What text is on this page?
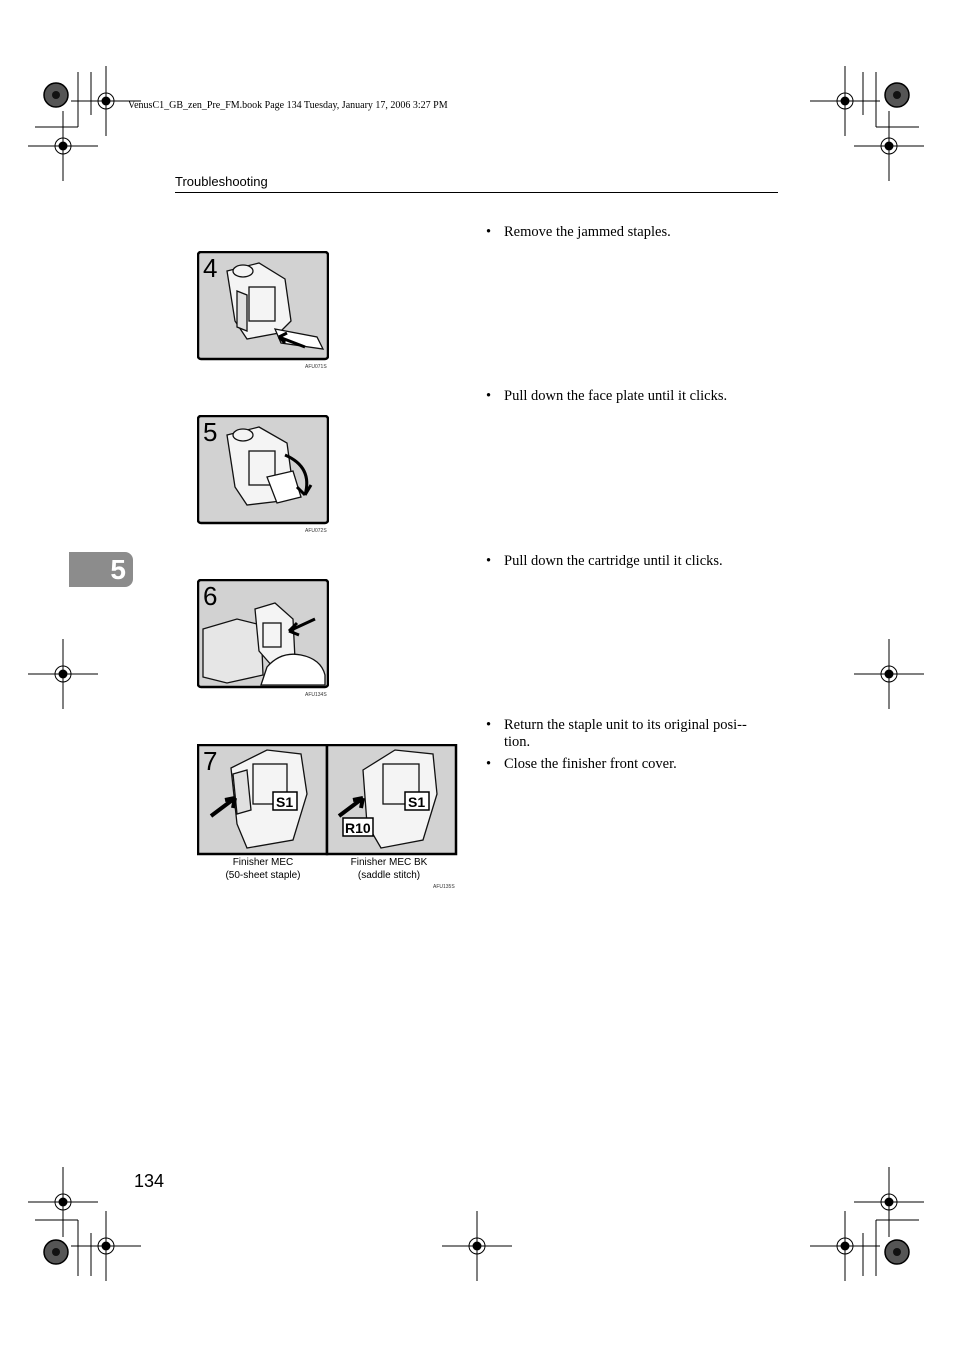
VenusC1_GB_zen_Pre_FM.book Page 134 Tuesday, January 17, 2006 3:27 PM
Troubleshooting
5
4
AFU071S
• Remove the jammed staples.
5
AFU072S
• Pull down the face plate until it clicks.
6
AFU134S
• Pull down the cartridge until it clicks.
7
S1	S1
R10
Finisher MEC
(50-sheet staple)
Finisher MEC BK
(saddle stitch)
AFU135S
• Return the staple unit to its original posi-tion.
• Close the finisher front cover.
134
